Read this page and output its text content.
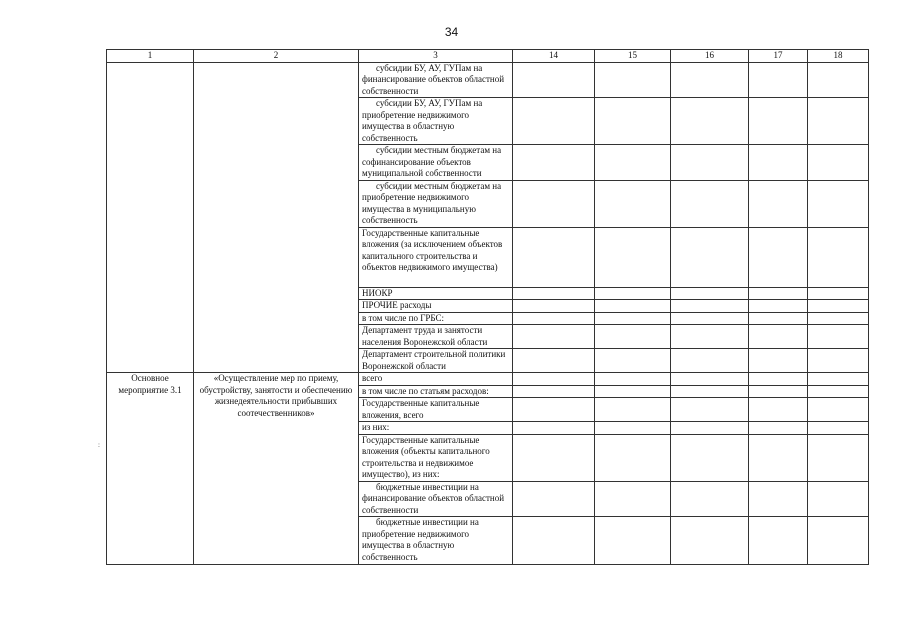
34
:
1	2	3	14	15	16	17	18
		субсидии БУ, АУ, ГУПам на финансирование объектов областной собственности					
		субсидии БУ, АУ, ГУПам на приобретение недвижимого имущества в областную собственность					
		субсидии местным бюджетам на софинансирование объектов муниципальной собственности					
		субсидии местным бюджетам на приобретение недвижимого имущества в муниципальную собственность					
		Государственные капитальные вложения (за исключением объектов капитального строительства и объектов недвижимого имущества)					
		НИОКР					
		ПРОЧИЕ расходы					
		в том числе по ГРБС:					
		Департамент труда и занятости населения Воронежской области					
		Департамент строительной политики Воронежской области					
Основное мероприятие 3.1	«Осуществление мер по приему, обустройству, занятости и обеспечению жизнедеятельности прибывших соотечественников»	всего					
		в том числе по статьям расходов:					
		Государственные капитальные вложения, всего					
		из них:					
		Государственные капитальные вложения (объекты капитального строительства и недвижимое имущество), из них:					
		бюджетные инвестиции на финансирование объектов областной собственности					
		бюджетные инвестиции на приобретение недвижимого имущества в областную собственность					
